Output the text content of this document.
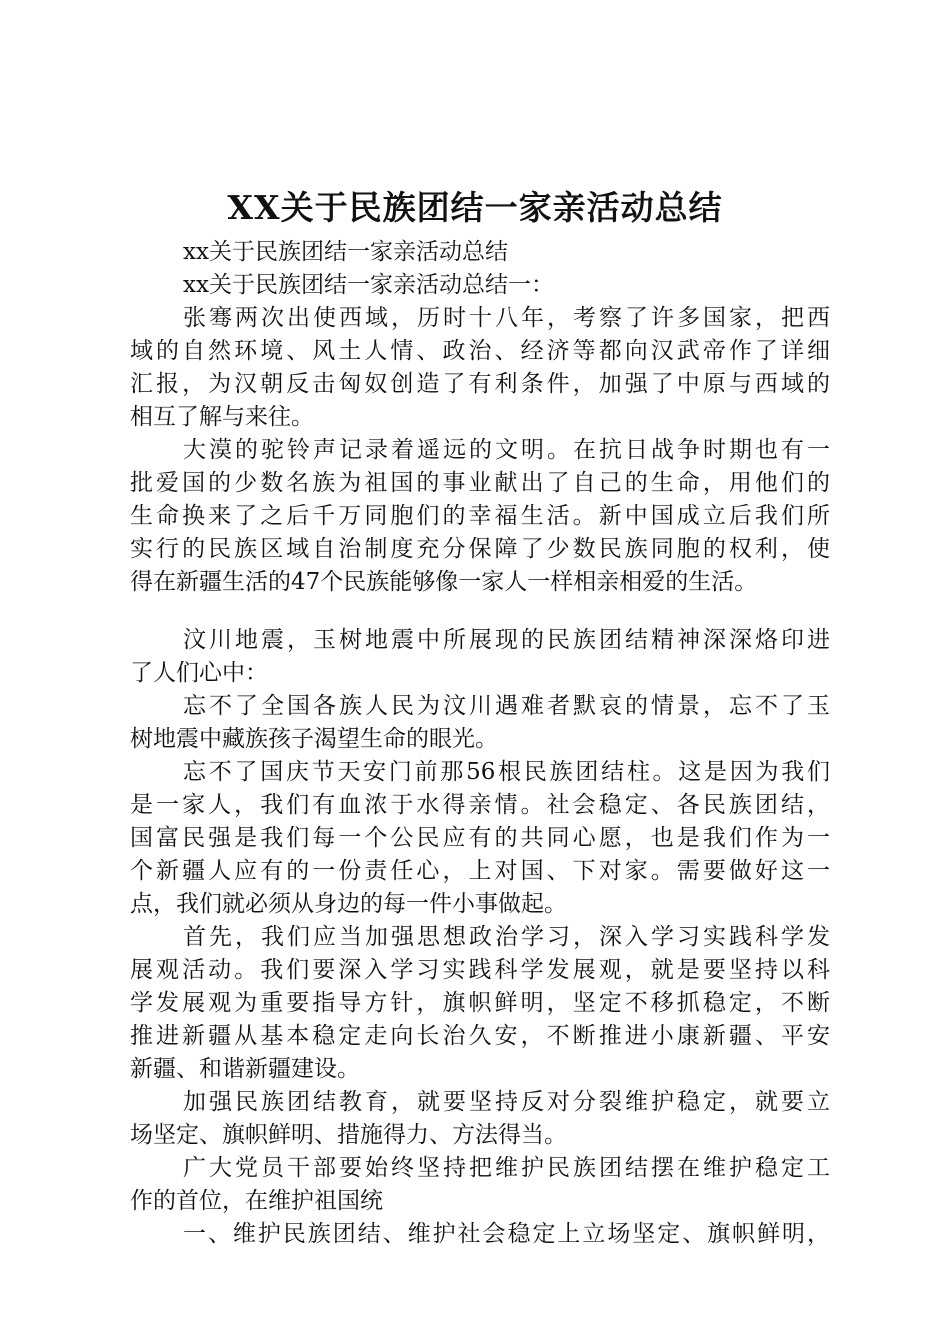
XX关于民族团结一家亲活动总结
xx关于民族团结一家亲活动总结
xx关于民族团结一家亲活动总结一：
张骞两次出使西域，历时十八年，考察了许多国家，把西
域的自然环境、风土人情、政治、经济等都向汉武帝作了详细
汇报，为汉朝反击匈奴创造了有利条件，加强了中原与西域的
相互了解与来往。
大漠的驼铃声记录着遥远的文明。在抗日战争时期也有一
批爱国的少数名族为祖国的事业献出了自己的生命，用他们的
生命换来了之后千万同胞们的幸福生活。新中国成立后我们所
实行的民族区域自治制度充分保障了少数民族同胞的权利，使
得在新疆生活的47个民族能够像一家人一样相亲相爱的生活。
汶川地震，玉树地震中所展现的民族团结精神深深烙印进
了人们心中：
忘不了全国各族人民为汶川遇难者默哀的情景，忘不了玉
树地震中藏族孩子渴望生命的眼光。
忘不了国庆节天安门前那56根民族团结柱。这是因为我们
是一家人，我们有血浓于水得亲情。社会稳定、各民族团结，
国富民强是我们每一个公民应有的共同心愿，也是我们作为一
个新疆人应有的一份责任心，上对国、下对家。需要做好这一
点，我们就必须从身边的每一件小事做起。
首先，我们应当加强思想政治学习，深入学习实践科学发
展观活动。我们要深入学习实践科学发展观，就是要坚持以科
学发展观为重要指导方针，旗帜鲜明，坚定不移抓稳定，不断
推进新疆从基本稳定走向长治久安，不断推进小康新疆、平安
新疆、和谐新疆建设。
加强民族团结教育，就要坚持反对分裂维护稳定，就要立
场坚定、旗帜鲜明、措施得力、方法得当。
广大党员干部要始终坚持把维护民族团结摆在维护稳定工
作的首位，在维护祖国统
一、维护民族团结、维护社会稳定上立场坚定、旗帜鲜明，
